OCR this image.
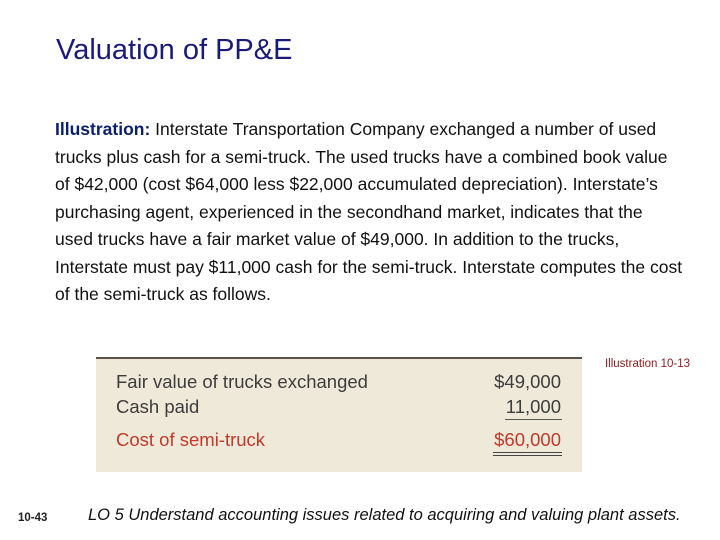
Valuation of PP&E

Illustration: Interstate Transportation Company exchanged a number of used trucks plus cash for a semi-truck. The used trucks have a combined book value of $42,000 (cost $64,000 less $22,000 accumulated depreciation). Interstate’s purchasing agent, experienced in the secondhand market, indicates that the used trucks have a fair market value of $49,000. In addition to the trucks, Interstate must pay $11,000 cash for the semi-truck. Interstate computes the cost of the semi-truck as follows.

Illustration 10-13
Fair value of trucks exchanged	$49,000
Cash paid	11,000
Cost of semi-truck	$60,000
10-43 LO 5 Understand accounting issues related to acquiring and valuing plant assets.
